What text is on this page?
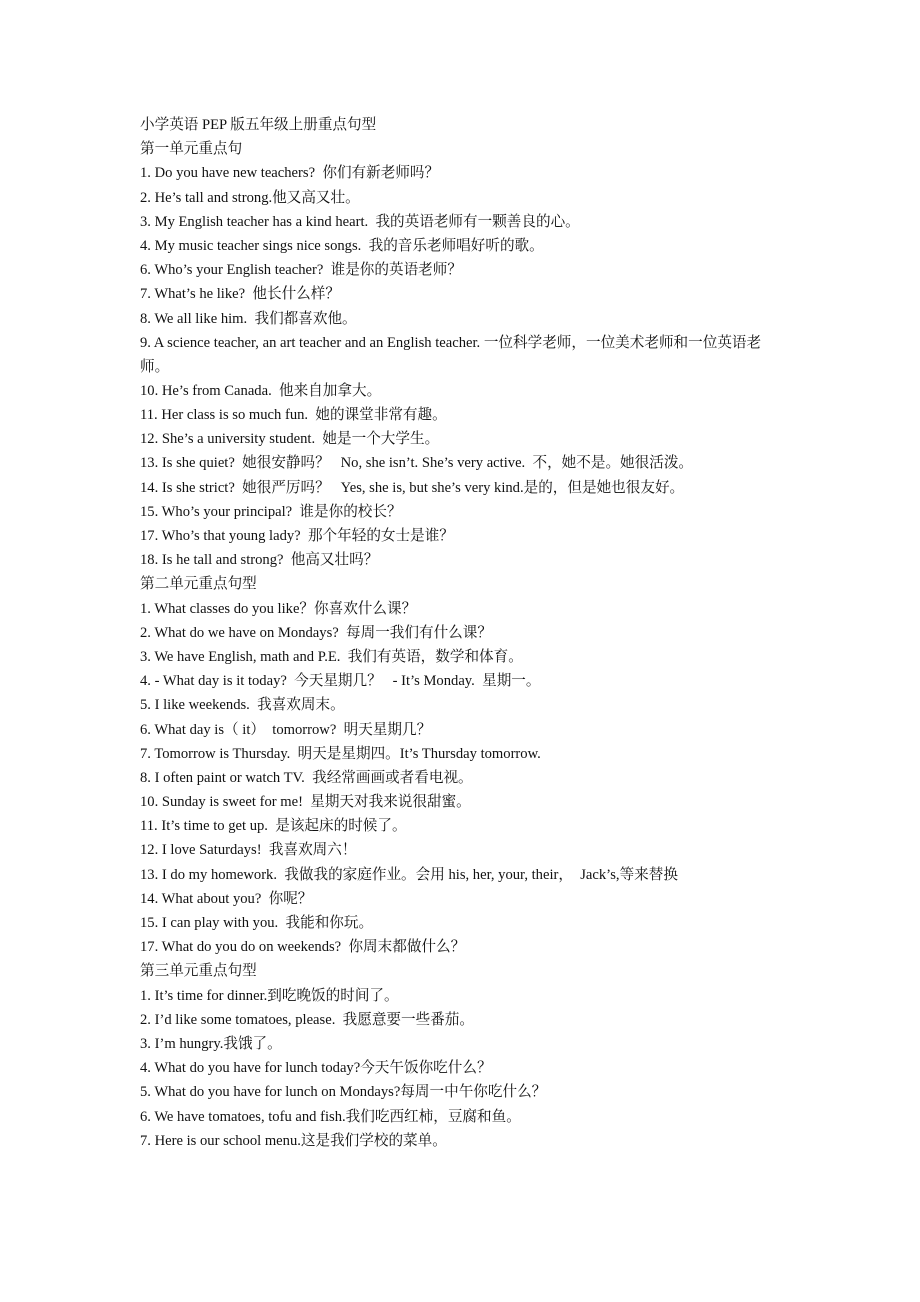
小学英语 PEP 版五年级上册重点句型

第一单元重点句

1. Do you have new teachers?  你们有新老师吗？

2. He’s tall and strong.他又高又壮。

3. My English teacher has a kind heart.  我的英语老师有一颗善良的心。

4. My music teacher sings nice songs.  我的音乐老师唱好听的歌。

6. Who’s your English teacher?  谁是你的英语老师？

7. What’s he like?  他长什么样？

8. We all like him.  我们都喜欢他。

9. A science teacher, an art teacher and an English teacher. 一位科学老师，一位美术老师和一位英语老

师。

10. He’s from Canada.  他来自加拿大。

11. Her class is so much fun.  她的课堂非常有趣。

12. She’s a university student.  她是一个大学生。

13. Is she quiet?  她很安静吗？   No, she isn’t. She’s very active.  不，她不是。她很活泼。

14. Is she strict?  她很严厉吗？   Yes, she is, but she’s very kind.是的，但是她也很友好。

15. Who’s your principal?  谁是你的校长？

17. Who’s that young lady?  那个年轻的女士是谁？

18. Is he tall and strong?  他高又壮吗？

第二单元重点句型

1. What classes do you like？你喜欢什么课？

2. What do we have on Mondays?  每周一我们有什么课？

3. We have English, math and P.E.  我们有英语，数学和体育。

4. - What day is it today?  今天星期几？   - It’s Monday.  星期一。

5. I like weekends.  我喜欢周末。

6. What day is（ it）  tomorrow?  明天星期几？

7. Tomorrow is Thursday.  明天是星期四。It’s Thursday tomorrow.

8. I often paint or watch TV.  我经常画画或者看电视。

10. Sunday is sweet for me!  星期天对我来说很甜蜜。

11. It’s time to get up.  是该起床的时候了。

12. I love Saturdays!  我喜欢周六！

13. I do my homework.  我做我的家庭作业。会用 his, her, your, their，  Jack’s,等来替换

14. What about you?  你呢？

15. I can play with you.  我能和你玩。

17. What do you do on weekends?  你周末都做什么？

第三单元重点句型

1. It’s time for dinner.到吃晚饭的时间了。

2. I’d like some tomatoes, please.  我愿意要一些番茄。

3. I’m hungry.我饿了。

4. What do you have for lunch today?今天午饭你吃什么？

5. What do you have for lunch on Mondays?每周一中午你吃什么？

6. We have tomatoes, tofu and fish.我们吃西红柿，豆腐和鱼。

7. Here is our school menu.这是我们学校的菜单。
